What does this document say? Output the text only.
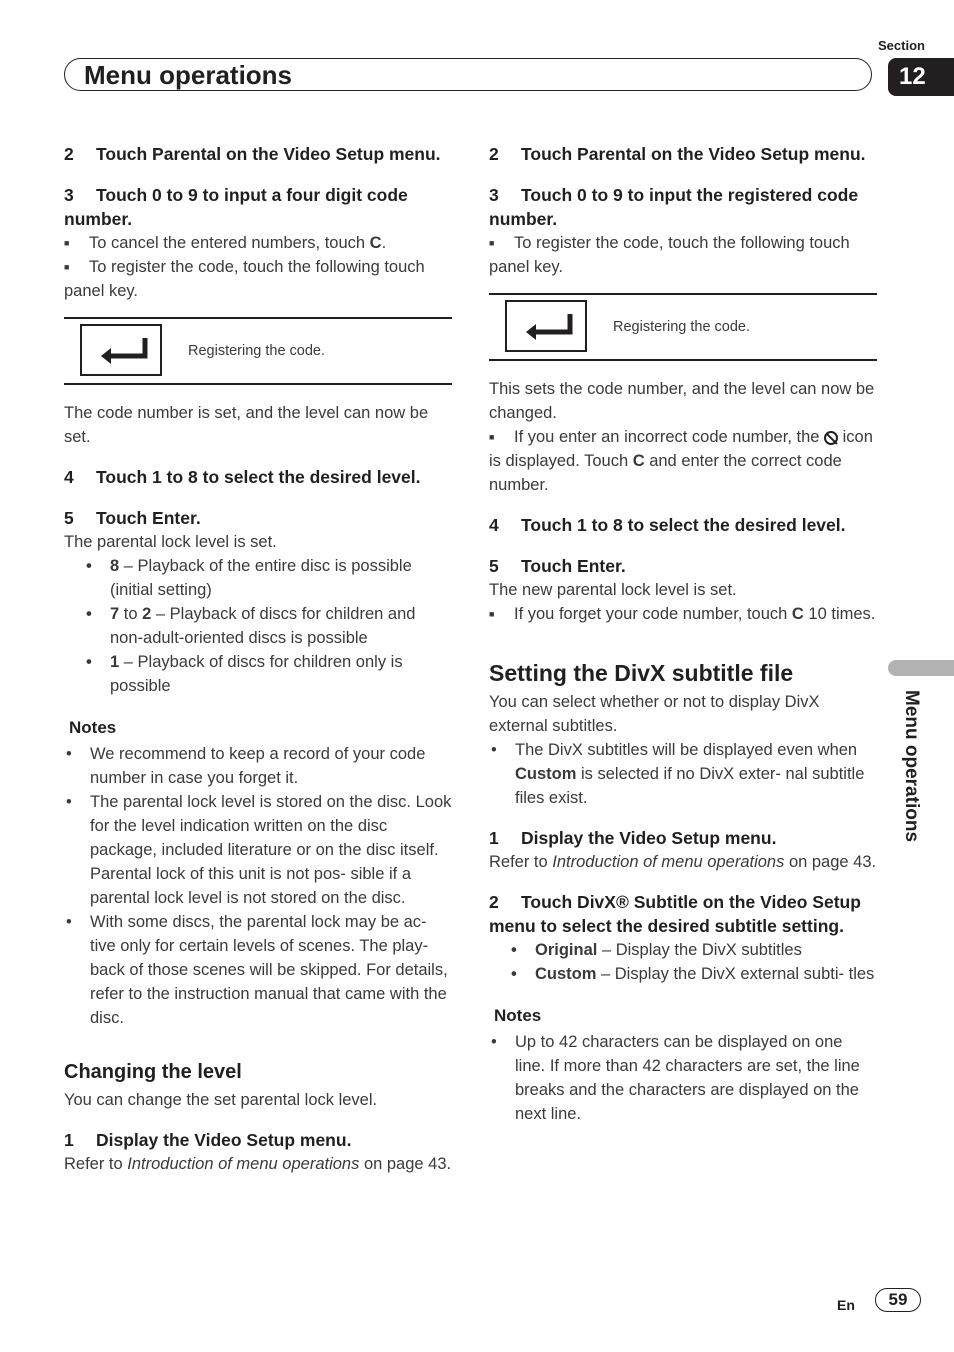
Section
Menu operations	12
Menu operations

2 Touch Parental on the Video Setup menu.

3 Touch 0 to 9 to input a four digit code number.

■ To cancel the entered numbers, touch C.

■ To register the code, touch the following touch panel key.

Registering the code.

The code number is set, and the level can now be set.

4 Touch 1 to 8 to select the desired level.

5 Touch Enter.

The parental lock level is set.

• 8 – Playback of the entire disc is possible (initial setting)
• 7 to 2 – Playback of discs for children and non-adult-oriented discs is possible
• 1 – Playback of discs for children only is possible

Notes

• We recommend to keep a record of your code number in case you forget it.
• The parental lock level is stored on the disc. Look for the level indication written on the disc package, included literature or on the disc itself. Parental lock of this unit is not pos- sible if a parental lock level is not stored on the disc.
• With some discs, the parental lock may be ac- tive only for certain levels of scenes. The play- back of those scenes will be skipped. For details, refer to the instruction manual that came with the disc.

Changing the level

You can change the set parental lock level.

1 Display the Video Setup menu.

Refer to Introduction of menu operations on page 43.

2 Touch Parental on the Video Setup menu.

3 Touch 0 to 9 to input the registered code number.

■ To register the code, touch the following touch panel key.

Registering the code.

This sets the code number, and the level can now be changed.

■ If you enter an incorrect code number, the  icon is displayed. Touch C and enter the correct code number.

4 Touch 1 to 8 to select the desired level.

5 Touch Enter.

The new parental lock level is set.

■ If you forget your code number, touch C 10 times.

Setting the DivX subtitle file

You can select whether or not to display DivX external subtitles.

• The DivX subtitles will be displayed even when Custom is selected if no DivX exter- nal subtitle files exist.

1 Display the Video Setup menu.

Refer to Introduction of menu operations on page 43.

2 Touch DivX® Subtitle on the Video Setup menu to select the desired subtitle setting.

• Original – Display the DivX subtitles
• Custom – Display the DivX external subti- tles

Notes

• Up to 42 characters can be displayed on one line. If more than 42 characters are set, the line breaks and the characters are displayed on the next line.
En	59
